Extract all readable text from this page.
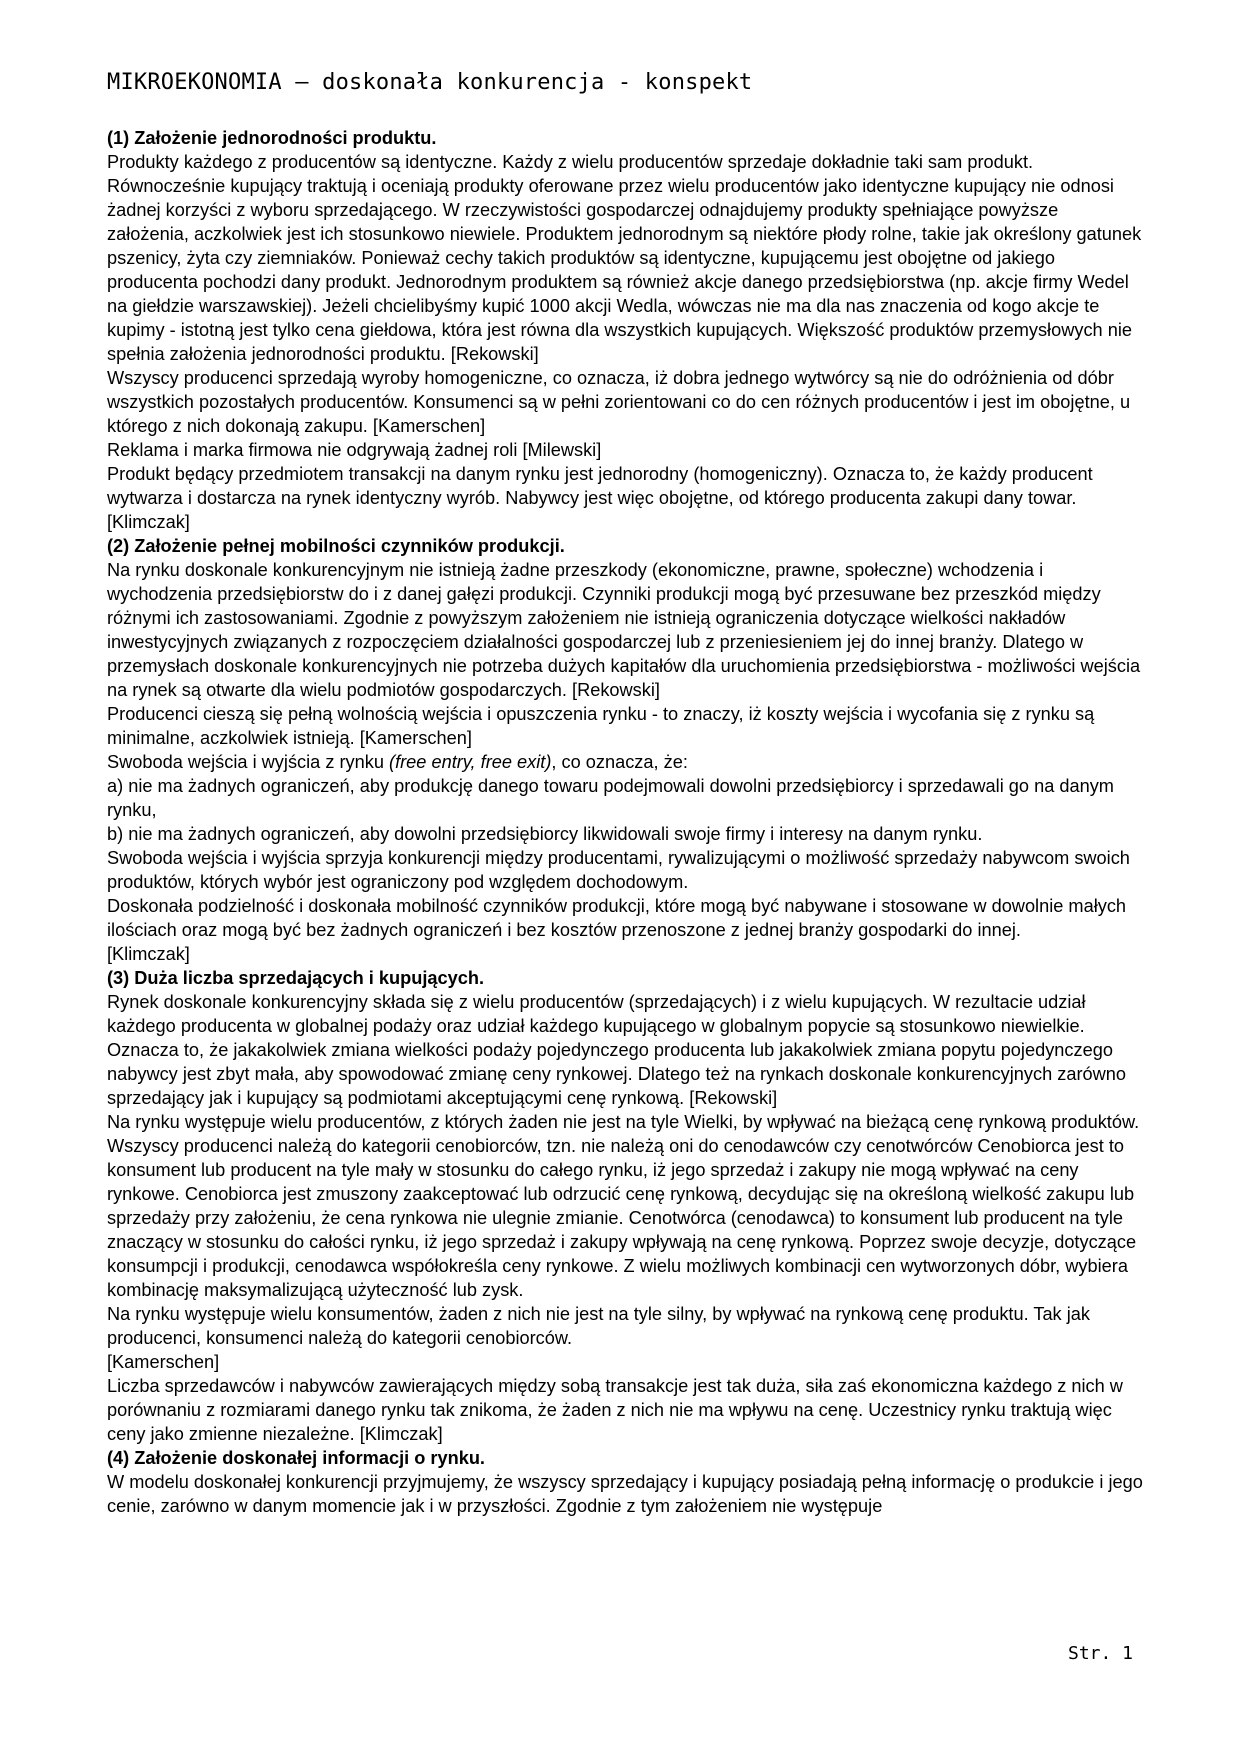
MIKROEKONOMIA – doskonała konkurencja - konspekt
(1) Założenie jednorodności produktu.

Produkty każdego z producentów są identyczne. Każdy z wielu producentów sprzedaje dokładnie taki sam produkt. Równocześnie kupujący traktują i oceniają produkty oferowane przez wielu producentów jako identyczne kupujący nie odnosi żadnej korzyści z wyboru sprzedającego. W rzeczywistości gospodarczej odnajdujemy produkty spełniające powyższe założenia, aczkolwiek jest ich stosunkowo niewiele. Produktem jednorodnym są niektóre płody rolne, takie jak określony gatunek pszenicy, żyta czy ziemniaków. Ponieważ cechy takich produktów są identyczne, kupującemu jest obojętne od jakiego producenta pochodzi dany produkt. Jednorodnym produktem są również akcje danego przedsiębiorstwa (np. akcje firmy Wedel na giełdzie warszawskiej). Jeżeli chcielibyśmy kupić 1000 akcji Wedla, wówczas nie ma dla nas znaczenia od kogo akcje te kupimy - istotną jest tylko cena giełdowa, która jest równa dla wszystkich kupujących. Większość produktów przemysłowych nie spełnia założenia jednorodności produktu. [Rekowski]

Wszyscy producenci sprzedają wyroby homogeniczne, co oznacza, iż dobra jednego wytwórcy są nie do odróżnienia od dóbr wszystkich pozostałych producentów. Konsumenci są w pełni zorientowani co do cen różnych producentów i jest im obojętne, u którego z nich dokonają zakupu. [Kamerschen]

Reklama i marka firmowa nie odgrywają żadnej roli [Milewski]

Produkt będący przedmiotem transakcji na danym rynku jest jednorodny (homogeniczny). Oznacza to, że każdy producent wytwarza i dostarcza na rynek identyczny wyrób. Nabywcy jest więc obojętne, od którego producenta zakupi dany towar. [Klimczak]

(2) Założenie pełnej mobilności czynników produkcji.

Na rynku doskonale konkurencyjnym nie istnieją żadne przeszkody (ekonomiczne, prawne, społeczne) wchodzenia i wychodzenia przedsiębiorstw do i z danej gałęzi produkcji. Czynniki produkcji mogą być przesuwane bez przeszkód między różnymi ich zastosowaniami. Zgodnie z powyższym założeniem nie istnieją ograniczenia dotyczące wielkości nakładów inwestycyjnych związanych z rozpoczęciem działalności gospodarczej lub z przeniesieniem jej do innej branży. Dlatego w przemysłach doskonale konkurencyjnych nie potrzeba dużych kapitałów dla uruchomienia przedsiębiorstwa - możliwości wejścia na rynek są otwarte dla wielu podmiotów gospodarczych. [Rekowski]

Producenci cieszą się pełną wolnością wejścia i opuszczenia rynku - to znaczy, iż koszty wejścia i wycofania się z rynku są minimalne, aczkolwiek istnieją. [Kamerschen]

Swoboda wejścia i wyjścia z rynku (free entry, free exit), co oznacza, że:

a) nie ma żadnych ograniczeń, aby produkcję danego towaru podejmowali dowolni przedsiębiorcy i sprzedawali go na danym rynku,

b) nie ma żadnych ograniczeń, aby dowolni przedsiębiorcy likwidowali swoje firmy i interesy na danym rynku.

Swoboda wejścia i wyjścia sprzyja konkurencji między producentami, rywalizującymi o możliwość sprzedaży nabywcom swoich produktów, których wybór jest ograniczony pod względem dochodowym.

Doskonała podzielność i doskonała mobilność czynników produkcji, które mogą być nabywane i stosowane w dowolnie małych ilościach oraz mogą być bez żadnych ograniczeń i bez kosztów przenoszone z jednej branży gospodarki do innej.

[Klimczak]

(3) Duża liczba sprzedających i kupujących.

Rynek doskonale konkurencyjny składa się z wielu producentów (sprzedających) i z wielu kupujących. W rezultacie udział każdego producenta w globalnej podaży oraz udział każdego kupującego w globalnym popycie są stosunkowo niewielkie. Oznacza to, że jakakolwiek zmiana wielkości podaży pojedynczego producenta lub jakakolwiek zmiana popytu pojedynczego nabywcy jest zbyt mała, aby spowodować zmianę ceny rynkowej. Dlatego też na rynkach doskonale konkurencyjnych zarówno sprzedający jak i kupujący są podmiotami akceptującymi cenę rynkową. [Rekowski]

Na rynku występuje wielu producentów, z których żaden nie jest na tyle Wielki, by wpływać na bieżącą cenę rynkową produktów. Wszyscy producenci należą do kategorii cenobiorców, tzn. nie należą oni do cenodawców czy cenotwórców Cenobiorca jest to konsument lub producent na tyle mały w stosunku do całego rynku, iż jego sprzedaż i zakupy nie mogą wpływać na ceny rynkowe. Cenobiorca jest zmuszony zaakceptować lub odrzucić cenę rynkową, decydując się na określoną wielkość zakupu lub sprzedaży przy założeniu, że cena rynkowa nie ulegnie zmianie. Cenotwórca (cenodawca) to konsument lub producent na tyle znaczący w stosunku do całości rynku, iż jego sprzedaż i zakupy wpływają na cenę rynkową. Poprzez swoje decyzje, dotyczące konsumpcji i produkcji, cenodawca współokreśla ceny rynkowe. Z wielu możliwych kombinacji cen wytworzonych dóbr, wybiera kombinację maksymalizującą użyteczność lub zysk.

Na rynku występuje wielu konsumentów, żaden z nich nie jest na tyle silny, by wpływać na rynkową cenę produktu. Tak jak producenci, konsumenci należą do kategorii cenobiorców.

[Kamerschen]

Liczba sprzedawców i nabywców zawierających między sobą transakcje jest tak duża, siła zaś ekonomiczna każdego z nich w porównaniu z rozmiarami danego rynku tak znikoma, że żaden z nich nie ma wpływu na cenę. Uczestnicy rynku traktują więc ceny jako zmienne niezależne. [Klimczak]

(4) Założenie doskonałej informacji o rynku.

W modelu doskonałej konkurencji przyjmujemy, że wszyscy sprzedający i kupujący posiadają pełną informację o produkcie i jego cenie, zarówno w danym momencie jak i w przyszłości. Zgodnie z tym założeniem nie występuje

Str. 1
